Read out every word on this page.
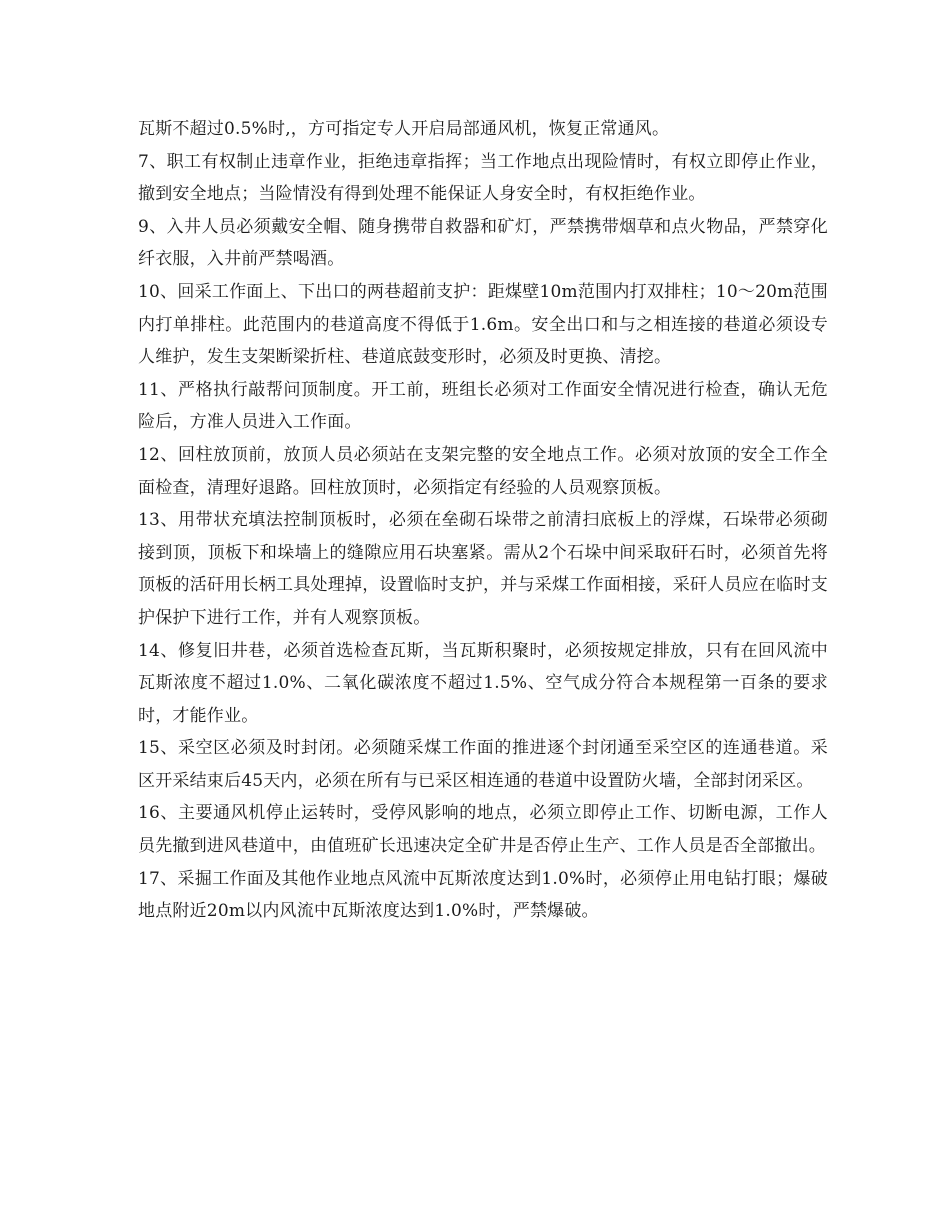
瓦斯不超过0.5%时,，方可指定专人开启局部通风机，恢复正常通风。

7、职工有权制止违章作业，拒绝违章指挥；当工作地点出现险情时，有权立即停止作业，撤到安全地点；当险情没有得到处理不能保证人身安全时，有权拒绝作业。

9、入井人员必须戴安全帽、随身携带自救器和矿灯，严禁携带烟草和点火物品，严禁穿化纤衣服，入井前严禁喝酒。

10、回采工作面上、下出口的两巷超前支护：距煤壁10m范围内打双排柱；10～20m范围内打单排柱。此范围内的巷道高度不得低于1.6m。安全出口和与之相连接的巷道必须设专人维护，发生支架断梁折柱、巷道底鼓变形时，必须及时更换、清挖。

11、严格执行敲帮问顶制度。开工前，班组长必须对工作面安全情况进行检查，确认无危险后，方准人员进入工作面。

12、回柱放顶前，放顶人员必须站在支架完整的安全地点工作。必须对放顶的安全工作全面检查，清理好退路。回柱放顶时，必须指定有经验的人员观察顶板。

13、用带状充填法控制顶板时，必须在垒砌石垛带之前清扫底板上的浮煤，石垛带必须砌接到顶，顶板下和垛墙上的缝隙应用石块塞紧。需从2个石垛中间采取矸石时，必须首先将顶板的活矸用长柄工具处理掉，设置临时支护，并与采煤工作面相接，采矸人员应在临时支护保护下进行工作，并有人观察顶板。

14、修复旧井巷，必须首选检查瓦斯，当瓦斯积聚时，必须按规定排放，只有在回风流中瓦斯浓度不超过1.0%、二氧化碳浓度不超过1.5%、空气成分符合本规程第一百条的要求时，才能作业。

15、采空区必须及时封闭。必须随采煤工作面的推进逐个封闭通至采空区的连通巷道。采区开采结束后45天内，必须在所有与已采区相连通的巷道中设置防火墙，全部封闭采区。

16、主要通风机停止运转时，受停风影响的地点，必须立即停止工作、切断电源，工作人员先撤到进风巷道中，由值班矿长迅速决定全矿井是否停止生产、工作人员是否全部撤出。

17、采掘工作面及其他作业地点风流中瓦斯浓度达到1.0%时，必须停止用电钻打眼；爆破地点附近20m以内风流中瓦斯浓度达到1.0%时，严禁爆破。
